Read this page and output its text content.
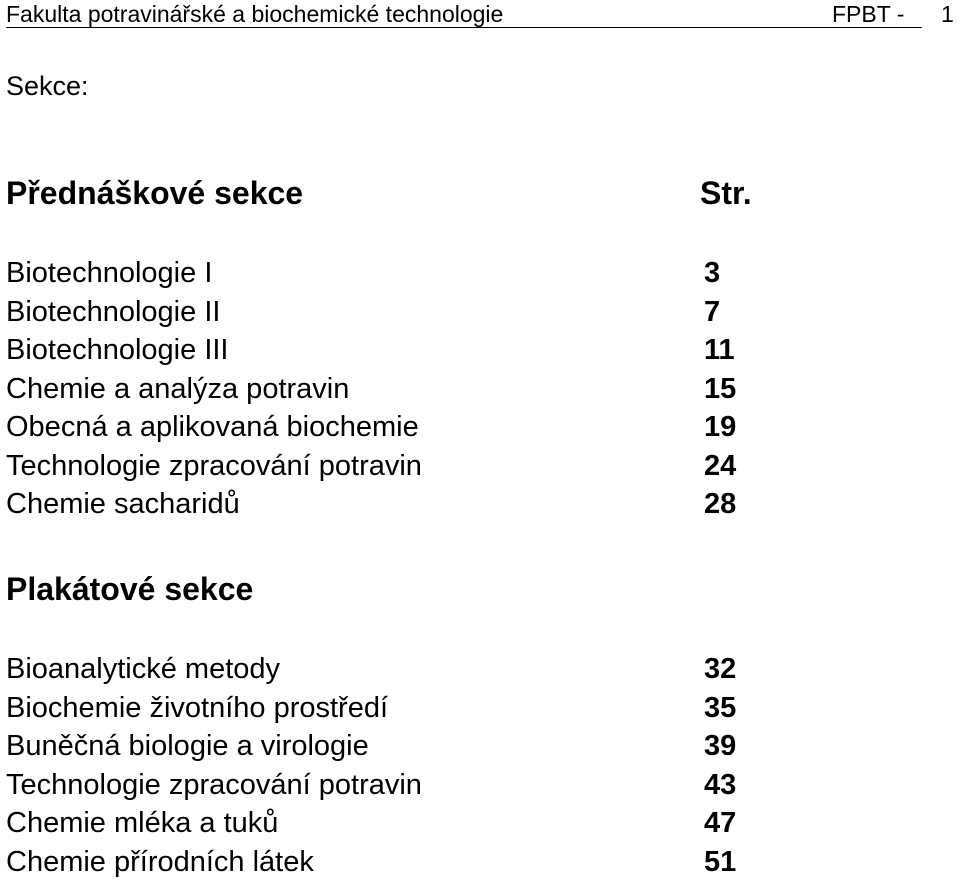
Fakulta potravinářské a biochemické technologie	FPBT - 1
Sekce:
Přednáškové sekce	Str.
Biotechnologie I	3
Biotechnologie II	7
Biotechnologie III	11
Chemie a analýza potravin	15
Obecná a aplikovaná biochemie	19
Technologie zpracování potravin	24
Chemie sacharidů	28
Plakátové sekce
Bioanalytické metody	32
Biochemie životního prostředí	35
Buněčná biologie a virologie	39
Technologie zpracování potravin	43
Chemie mléka a tuků	47
Chemie přírodních látek	51
